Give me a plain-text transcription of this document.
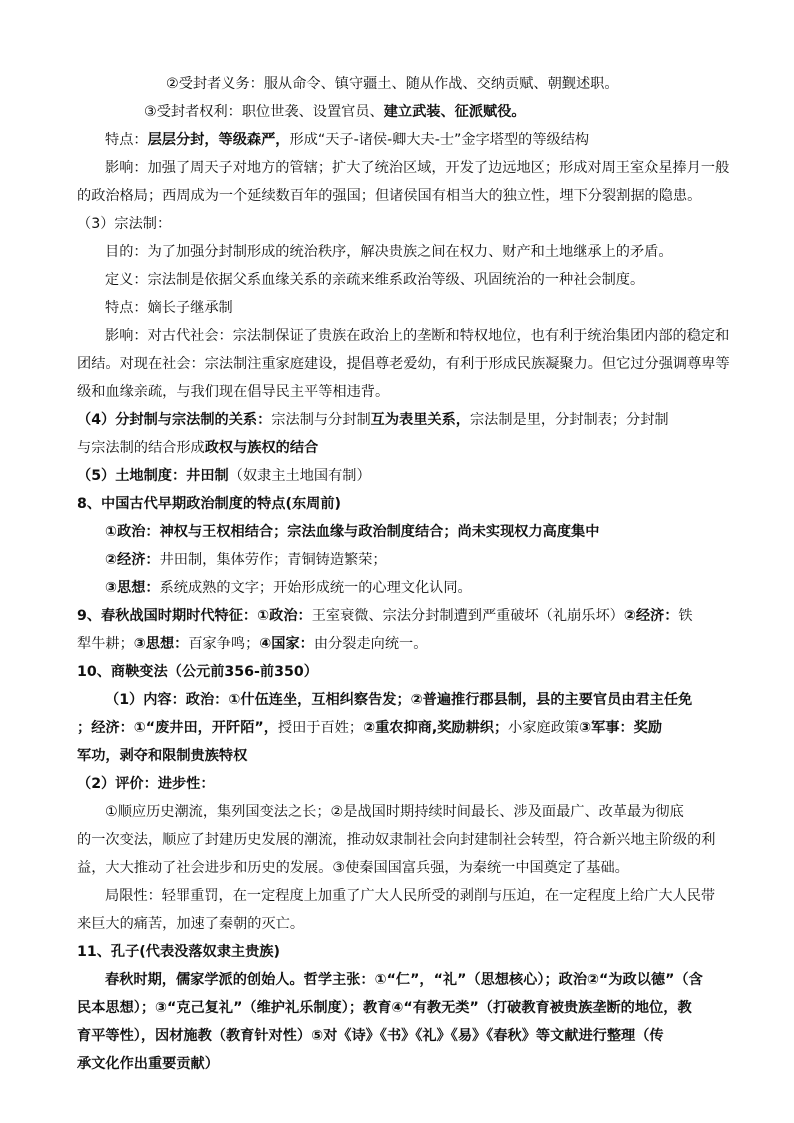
②受封者义务：服从命令、镇守疆土、随从作战、交纳贡赋、朝觐述职。
③受封者权利：职位世袭、设置官员、建立武装、征派赋役。
特点：层层分封，等级森严，形成“天子-诸侯-卿大夫-士”金字塔型的等级结构
影响：加强了周天子对地方的管辖；扩大了统治区域，开发了边远地区；形成对周王室众星捧月一般
的政治格局；西周成为一个延续数百年的强国；但诸侯国有相当大的独立性，埋下分裂割据的隐患。
（3）宗法制：
目的：为了加强分封制形成的统治秩序，解决贵族之间在权力、财产和土地继承上的矛盾。
定义：宗法制是依据父系血缘关系的亲疏来维系政治等级、巩固统治的一种社会制度。
特点：嫡长子继承制
影响：对古代社会：宗法制保证了贵族在政治上的垄断和特权地位，也有利于统治集团内部的稳定和
团结。对现在社会：宗法制注重家庭建设，提倡尊老爱幼，有利于形成民族凝聚力。但它过分强调尊卑等
级和血缘亲疏，与我们现在倡导民主平等相违背。
（4）分封制与宗法制的关系：宗法制与分封制互为表里关系，宗法制是里，分封制表；分封制
与宗法制的结合形成政权与族权的结合
（5）土地制度：井田制（奴隶主土地国有制）
8、中国古代早期政治制度的特点(东周前)
①政治：神权与王权相结合；宗法血缘与政治制度结合；尚未实现权力高度集中
②经济：井田制，集体劳作；青铜铸造繁荣；
③思想：系统成熟的文字；开始形成统一的心理文化认同。
9、春秋战国时期时代特征：①政治：王室衰微、宗法分封制遭到严重破坏（礼崩乐坏）②经济：铁
犁牛耕；③思想：百家争鸣；④国家：由分裂走向统一。
10、商鞅变法（公元前356-前350）
（1）内容：政治：①什伍连坐，互相纠察告发；②普遍推行郡县制，县的主要官员由君主任免
；经济：①“废井田，开阡陌”，授田于百姓；②重农抑商,奖励耕织；小家庭政策③军事：奖励
军功，剥夺和限制贵族特权
（2）评价：进步性：
①顺应历史潮流，集列国变法之长；②是战国时期持续时间最长、涉及面最广、改革最为彻底
的一次变法，顺应了封建历史发展的潮流，推动奴隶制社会向封建制社会转型，符合新兴地主阶级的利
益，大大推动了社会进步和历史的发展。③使秦国国富兵强，为秦统一中国奠定了基础。
局限性：轻罪重罚，在一定程度上加重了广大人民所受的剥削与压迫，在一定程度上给广大人民带
来巨大的痛苦，加速了秦朝的灭亡。
11、孔子(代表没落奴隶主贵族)
春秋时期，儒家学派的创始人。哲学主张：①“仁”，“礼”（思想核心）；政治②“为政以德”（含
民本思想）；③“克己复礼”（维护礼乐制度）；教育④“有教无类”（打破教育被贵族垄断的地位，教
育平等性），因材施教（教育针对性）⑤对《诗》《书》《礼》《易》《春秋》等文献进行整理（传
承文化作出重要贡献）
